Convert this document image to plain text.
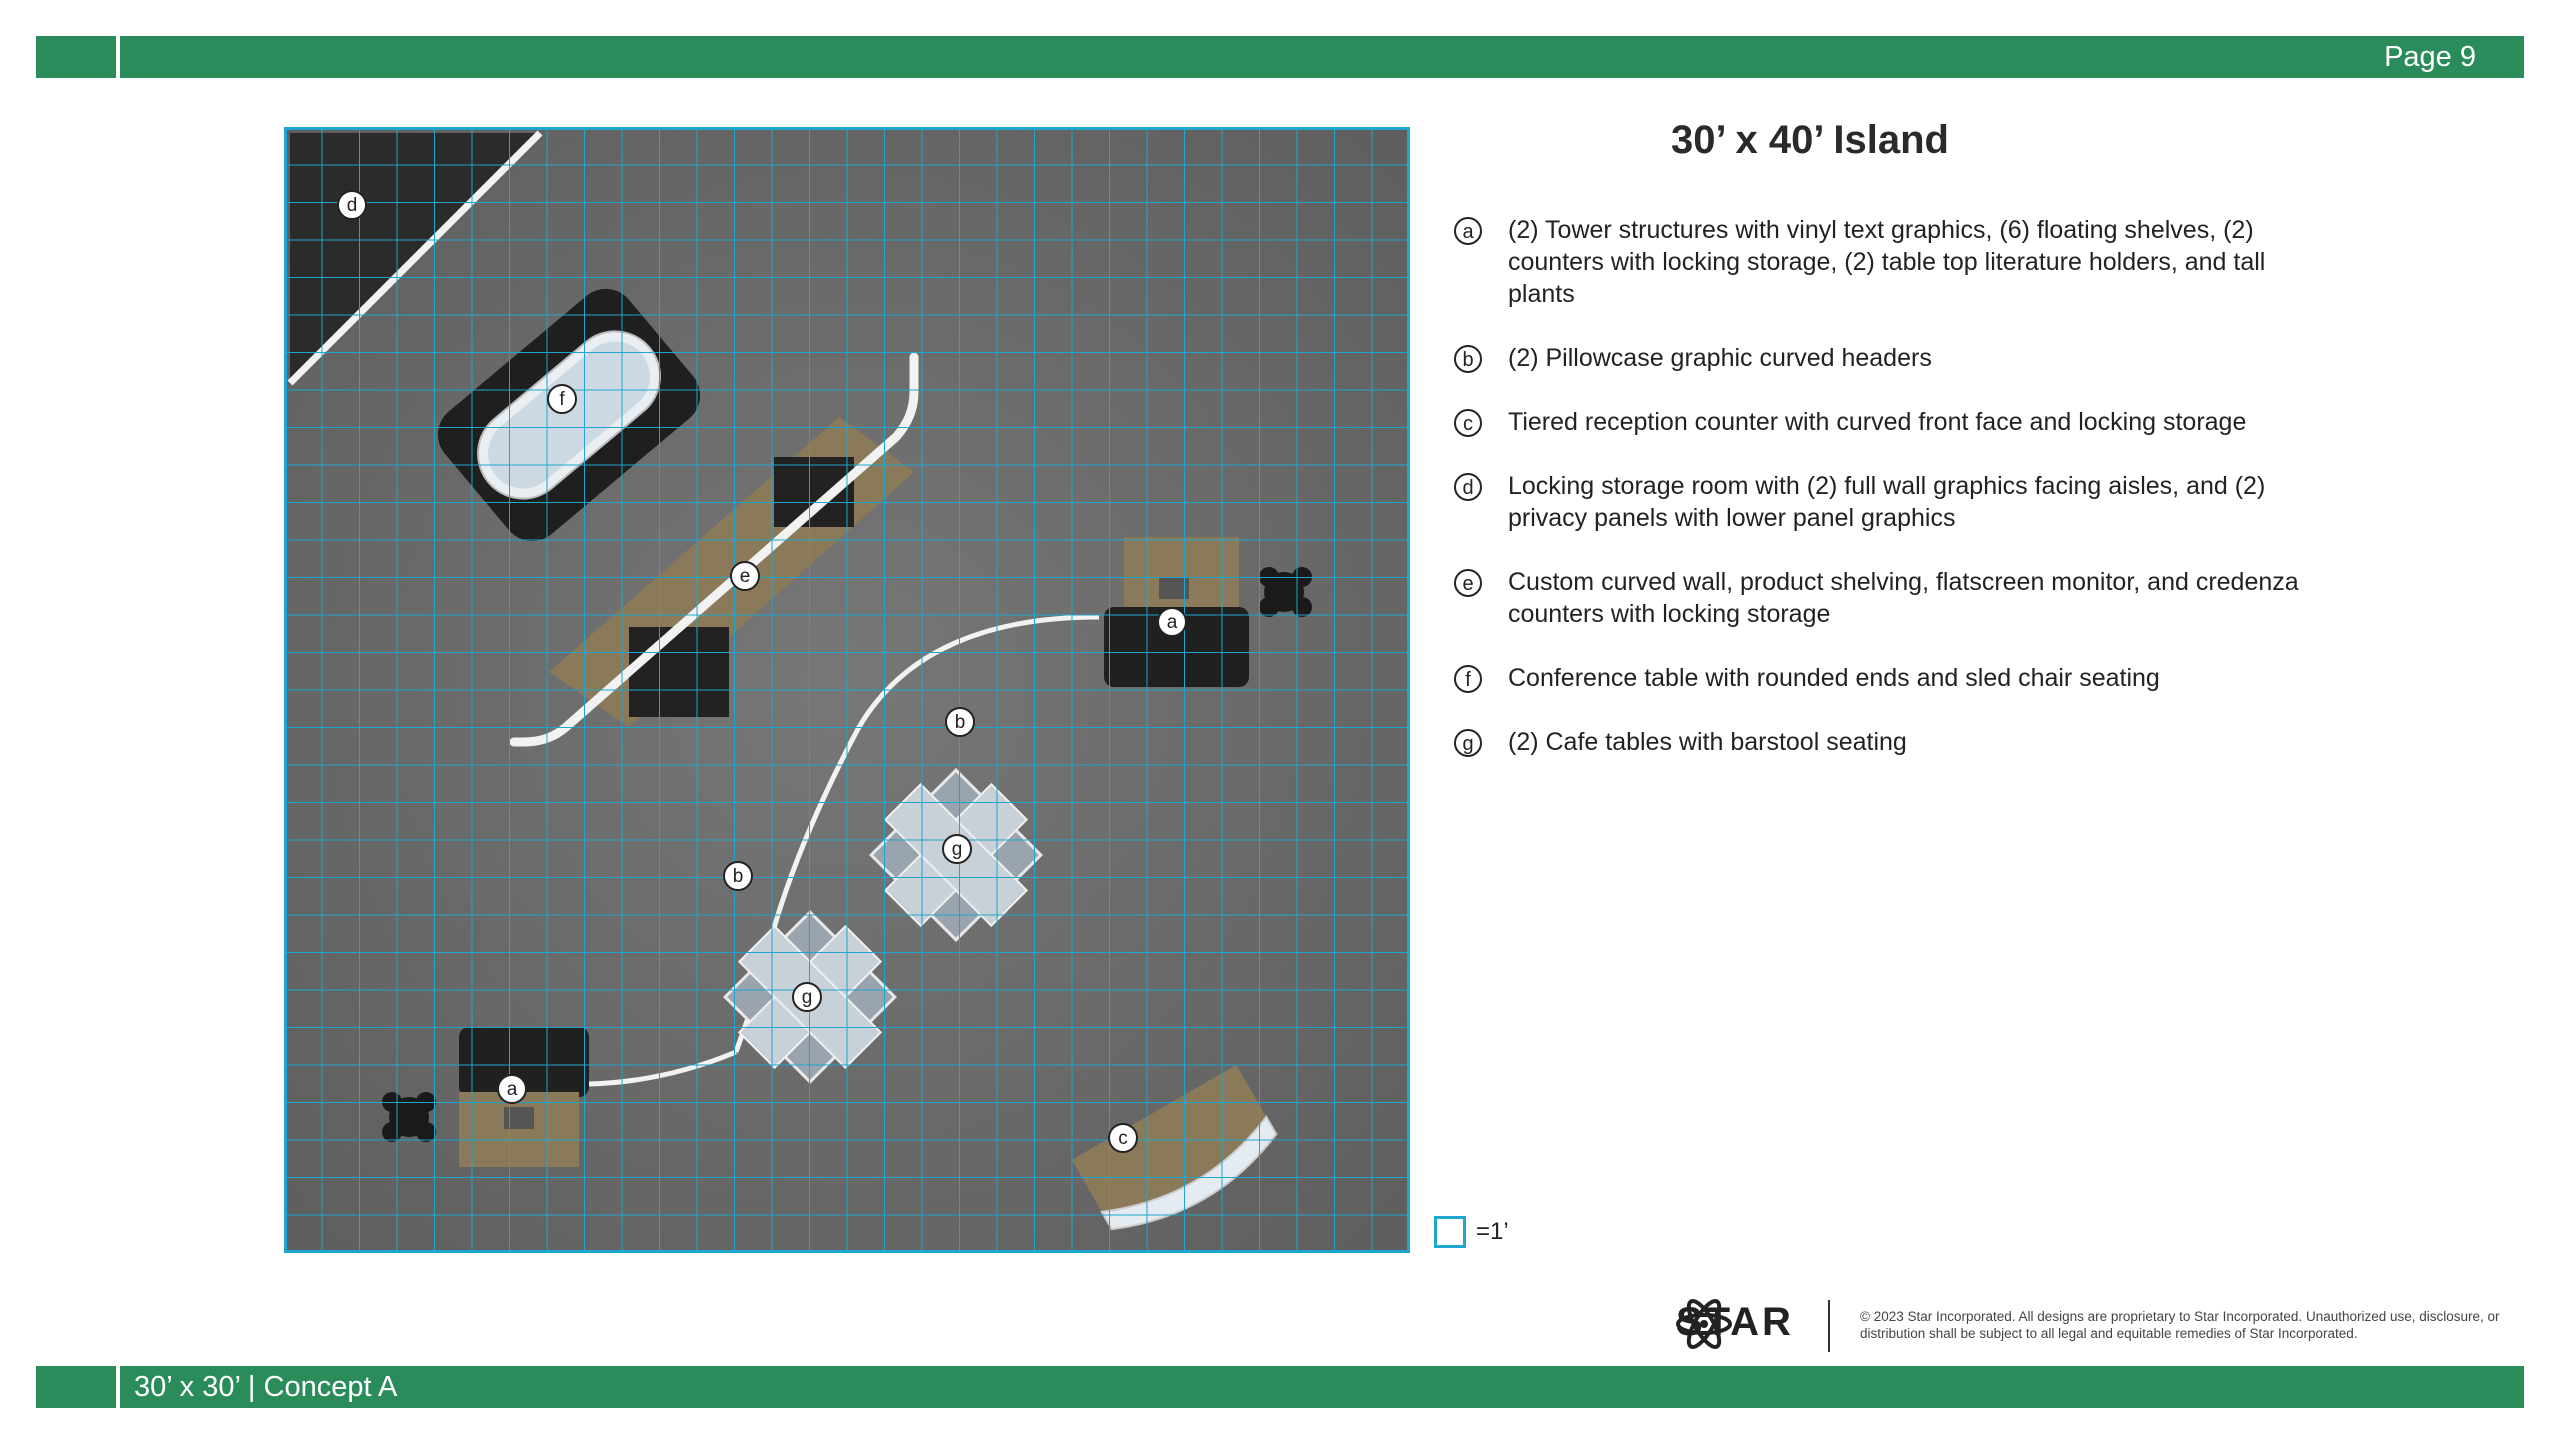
Page 9
d
f
e
a
b
b
g
g
a
c
30’ x 40’ Island
a	(2) Tower structures with vinyl text graphics, (6) floating shelves, (2) counters with locking storage, (2) table top literature holders, and tall plants
b	(2) Pillowcase graphic curved headers
c	Tiered reception counter with curved front face and locking storage
d	Locking storage room with (2) full wall graphics facing aisles, and (2) privacy panels with lower panel graphics
e	Custom curved wall, product shelving, flatscreen monitor, and credenza counters with locking storage
f	Conference table with rounded ends and sled chair seating
g	(2) Cafe tables with barstool seating
=1’
STAR	© 2023 Star Incorporated. All designs are proprietary to Star Incorporated. Unauthorized use, disclosure, or distribution shall be subject to all legal and equitable remedies of Star Incorporated.
30’ x 30’ | Concept A
